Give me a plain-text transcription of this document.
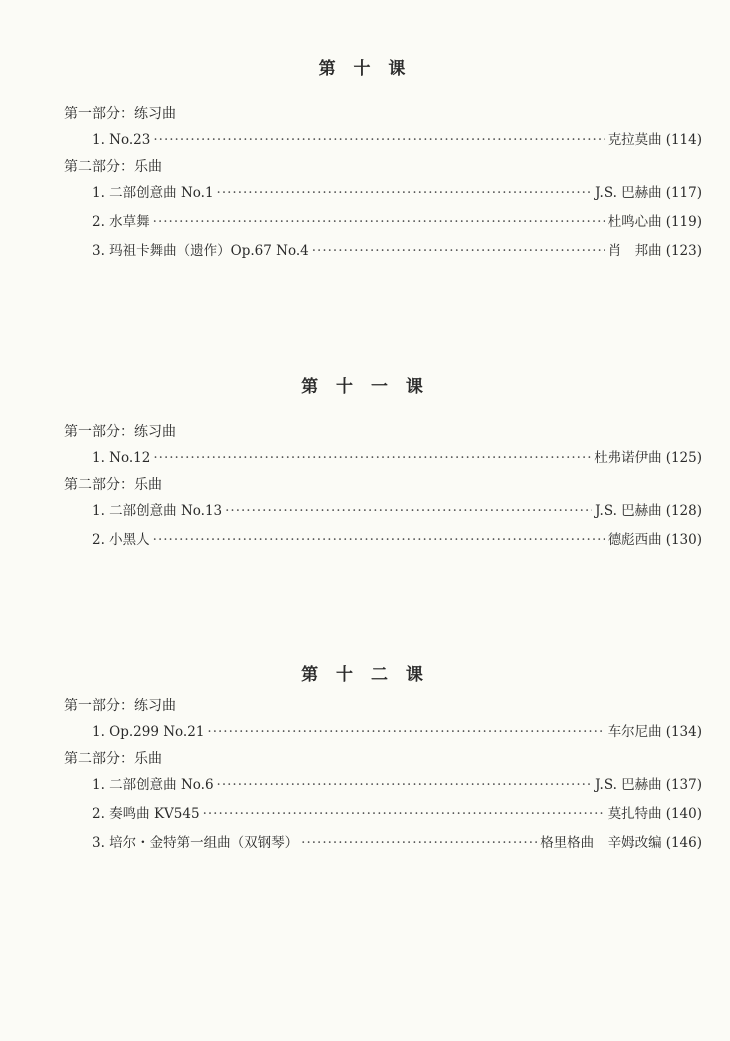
第 十 课
第一部分：练习曲
1. No.23 ·····	克拉莫曲 (114)
第二部分：乐曲
1. 二部创意曲 No.1 ·····	J.S. 巴赫曲 (117)
2. 水草舞 ·····	杜鸣心曲 (119)
3. 玛祖卡舞曲（遗作）Op.67 No.4 ·····	肖　邦曲 (123)
第 十 一 课
第一部分：练习曲
1. No.12 ·····	杜弗诺伊曲 (125)
第二部分：乐曲
1. 二部创意曲 No.13 ·····	J.S. 巴赫曲 (128)
2. 小黑人 ·····	德彪西曲 (130)
第 十 二 课
第一部分：练习曲
1. Op.299 No.21 ·····	车尔尼曲 (134)
第二部分：乐曲
1. 二部创意曲 No.6 ·····	J.S. 巴赫曲 (137)
2. 奏鸣曲 KV545 ·····	莫扎特曲 (140)
3. 培尔・金特第一组曲（双钢琴） ·····	格里格曲　辛姆改编 (146)
